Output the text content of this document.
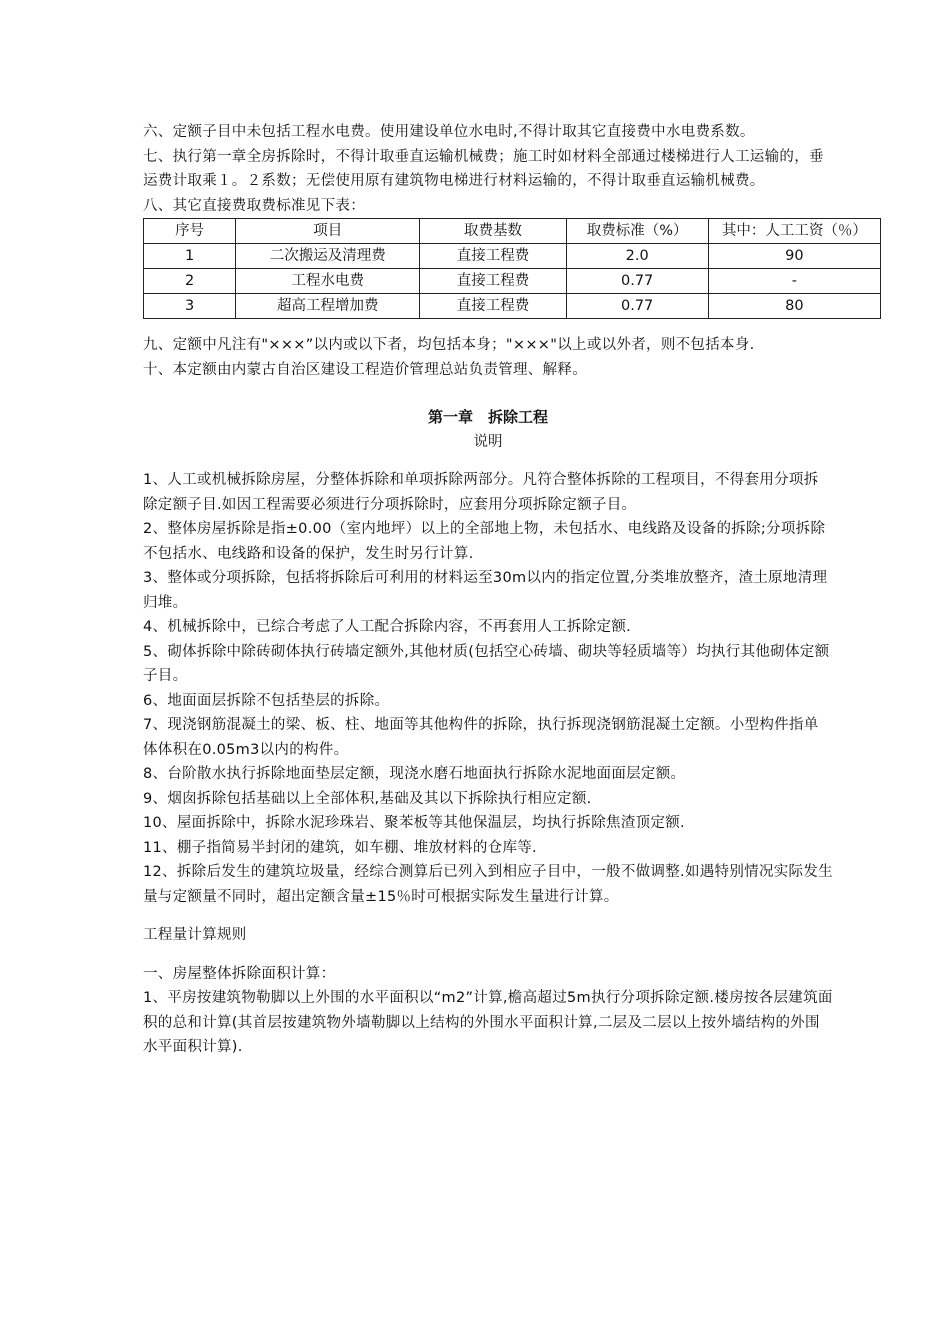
六、定额子目中未包括工程水电费。使用建设单位水电时,不得计取其它直接费中水电费系数。

七、执行第一章全房拆除时，不得计取垂直运输机械费；施工时如材料全部通过楼梯进行人工运输的，垂运费计取乘１。２系数；无偿使用原有建筑物电梯进行材料运输的，不得计取垂直运输机械费。

八、其它直接费取费标准见下表：

序号	项目	取费基数	取费标准（%）	其中：人工工资（％）
1	二次搬运及清理费	直接工程费	2.0	90
2	工程水电费	直接工程费	0.77	-
3	超高工程增加费	直接工程费	0.77	80

九、定额中凡注有"×××”以内或以下者，均包括本身；"×××"以上或以外者，则不包括本身.

十、本定额由内蒙古自治区建设工程造价管理总站负责管理、解释。

第一章　拆除工程
说明

1、人工或机械拆除房屋，分整体拆除和单项拆除两部分。凡符合整体拆除的工程项目，不得套用分项拆除定额子目.如因工程需要必须进行分项拆除时，应套用分项拆除定额子目。

2、整体房屋拆除是指±0.00（室内地坪）以上的全部地上物，未包括水、电线路及设备的拆除;分项拆除不包括水、电线路和设备的保护，发生时另行计算.

3、整体或分项拆除，包括将拆除后可利用的材料运至30m以内的指定位置,分类堆放整齐，渣土原地清理归堆。

4、机械拆除中，已综合考虑了人工配合拆除内容，不再套用人工拆除定额.

5、砌体拆除中除砖砌体执行砖墙定额外,其他材质(包括空心砖墙、砌块等轻质墙等）均执行其他砌体定额子目。

6、地面面层拆除不包括垫层的拆除。

7、现浇钢筋混凝土的梁、板、柱、地面等其他构件的拆除，执行拆现浇钢筋混凝土定额。小型构件指单体体积在0.05m3以内的构件。

8、台阶散水执行拆除地面垫层定额，现浇水磨石地面执行拆除水泥地面面层定额。

9、烟囱拆除包括基础以上全部体积,基础及其以下拆除执行相应定额.

10、屋面拆除中，拆除水泥珍珠岩、聚苯板等其他保温层，均执行拆除焦渣顶定额.

11、棚子指简易半封闭的建筑，如车棚、堆放材料的仓库等.

12、拆除后发生的建筑垃圾量，经综合测算后已列入到相应子目中，一般不做调整.如遇特别情况实际发生量与定额量不同时，超出定额含量±15％时可根据实际发生量进行计算。

工程量计算规则

一、房屋整体拆除面积计算：

1、平房按建筑物勒脚以上外围的水平面积以“m2”计算,檐高超过5m执行分项拆除定额.楼房按各层建筑面积的总和计算(其首层按建筑物外墙勒脚以上结构的外围水平面积计算,二层及二层以上按外墙结构的外围水平面积计算).
